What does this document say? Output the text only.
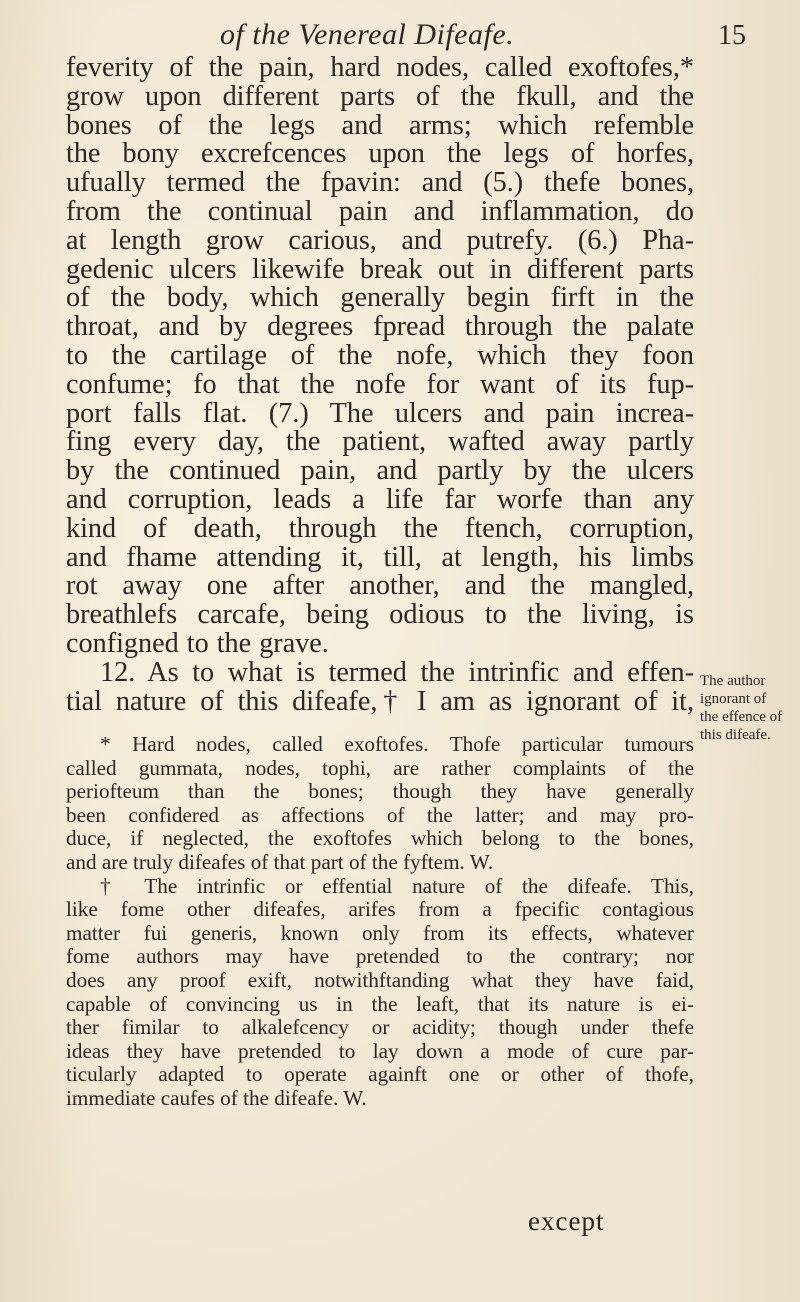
of the Venereal Difeafe.	15
feverity of the pain, hard nodes, called exoftofes,*
grow upon different parts of the fkull, and the
bones of the legs and arms; which refemble
the bony excrefcences upon the legs of horfes,
ufually termed the fpavin: and (5.) thefe bones,
from the continual pain and inflammation, do
at length grow carious, and putrefy. (6.) Pha-
gedenic ulcers likewife break out in different parts
of the body, which generally begin firft in the
throat, and by degrees fpread through the palate
to the cartilage of the nofe, which they foon
confume; fo that the nofe for want of its fup-
port falls flat. (7.) The ulcers and pain increa-
fing every day, the patient, wafted away partly
by the continued pain, and partly by the ulcers
and corruption, leads a life far worfe than any
kind of death, through the ftench, corruption,
and fhame attending it, till, at length, his limbs
rot away one after another, and the mangled,
breathlefs carcafe, being odious to the living, is
configned to the grave.
12. As to what is termed the intrinfic and effen-
tial nature of this difeafe,† I am as ignorant of it,
The author
ignorant of
the effence of
this difeafe.
* Hard nodes, called exoftofes. Thofe particular tumours
called gummata, nodes, tophi, are rather complaints of the
periofteum than the bones; though they have generally
been confidered as affections of the latter; and may pro-
duce, if neglected, the exoftofes which belong to the bones,
and are truly difeafes of that part of the fyftem. W.
† The intrinfic or effential nature of the difeafe. This,
like fome other difeafes, arifes from a fpecific contagious
matter fui generis, known only from its effects, whatever
fome authors may have pretended to the contrary; nor
does any proof exift, notwithftanding what they have faid,
capable of convincing us in the leaft, that its nature is ei-
ther fimilar to alkalefcency or acidity; though under thefe
ideas they have pretended to lay down a mode of cure par-
ticularly adapted to operate againft one or other of thofe,
immediate caufes of the difeafe. W.
except
